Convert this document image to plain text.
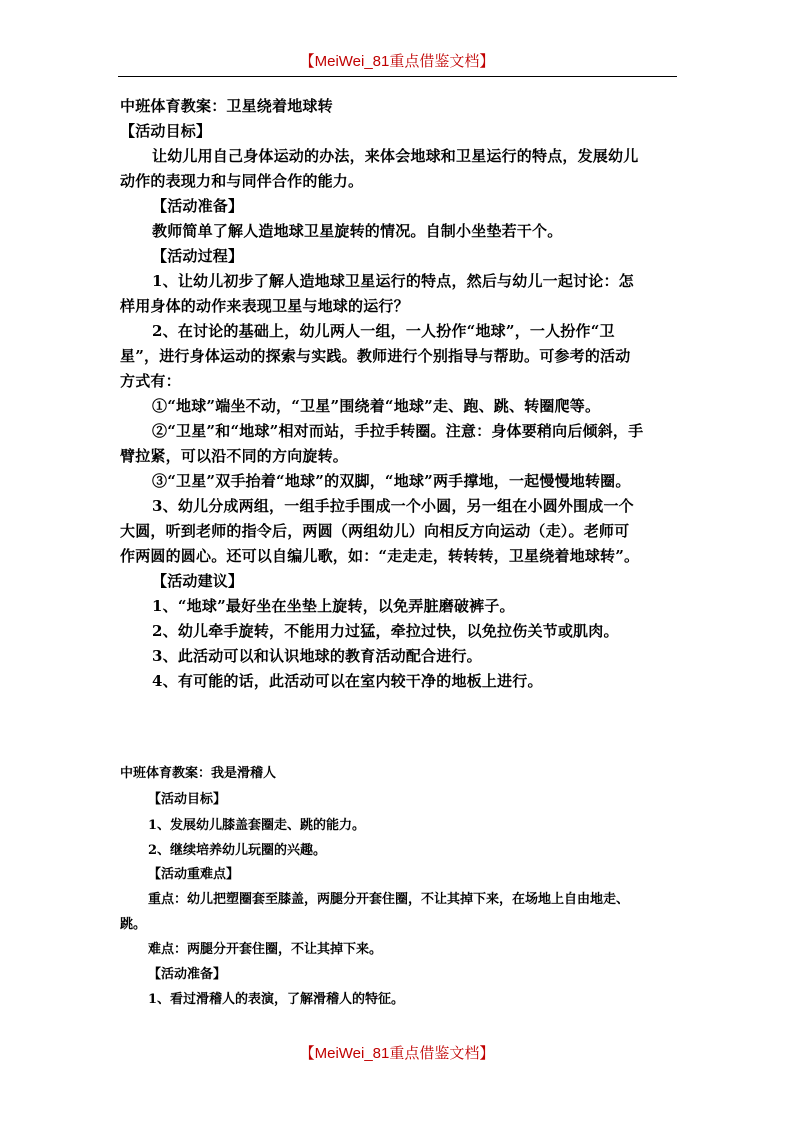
【MeiWei_81重点借鉴文档】
中班体育教案：卫星绕着地球转
【活动目标】
让幼儿用自己身体运动的办法，来体会地球和卫星运行的特点，发展幼儿
动作的表现力和与同伴合作的能力。
【活动准备】
教师简单了解人造地球卫星旋转的情况。自制小坐垫若干个。
【活动过程】
1、让幼儿初步了解人造地球卫星运行的特点，然后与幼儿一起讨论：怎
样用身体的动作来表现卫星与地球的运行？
2、在讨论的基础上，幼儿两人一组，一人扮作“地球”，一人扮作“卫
星”，进行身体运动的探索与实践。教师进行个别指导与帮助。可参考的活动
方式有：
①“地球”端坐不动，“卫星”围绕着“地球”走、跑、跳、转圈爬等。
②“卫星”和“地球”相对而站，手拉手转圈。注意：身体要稍向后倾斜，手
臂拉紧，可以沿不同的方向旋转。
③“卫星”双手抬着“地球”的双脚，“地球”两手撑地，一起慢慢地转圈。
3、幼儿分成两组，一组手拉手围成一个小圆，另一组在小圆外围成一个
大圆，听到老师的指令后，两圆（两组幼儿）向相反方向运动（走）。老师可
作两圆的圆心。还可以自编儿歌，如：“走走走，转转转，卫星绕着地球转”。
【活动建议】
1、“地球”最好坐在坐垫上旋转，以免弄脏磨破裤子。
2、幼儿牵手旋转，不能用力过猛，牵拉过快，以免拉伤关节或肌肉。
3、此活动可以和认识地球的教育活动配合进行。
4、有可能的话，此活动可以在室内较干净的地板上进行。
中班体育教案：我是滑稽人
【活动目标】
1、发展幼儿膝盖套圈走、跳的能力。
2、继续培养幼儿玩圈的兴趣。
【活动重难点】
重点：幼儿把塑圈套至膝盖，两腿分开套住圈，不让其掉下来，在场地上自由地走、
跳。
难点：两腿分开套住圈，不让其掉下来。
【活动准备】
1、看过滑稽人的表演，了解滑稽人的特征。
【MeiWei_81重点借鉴文档】
